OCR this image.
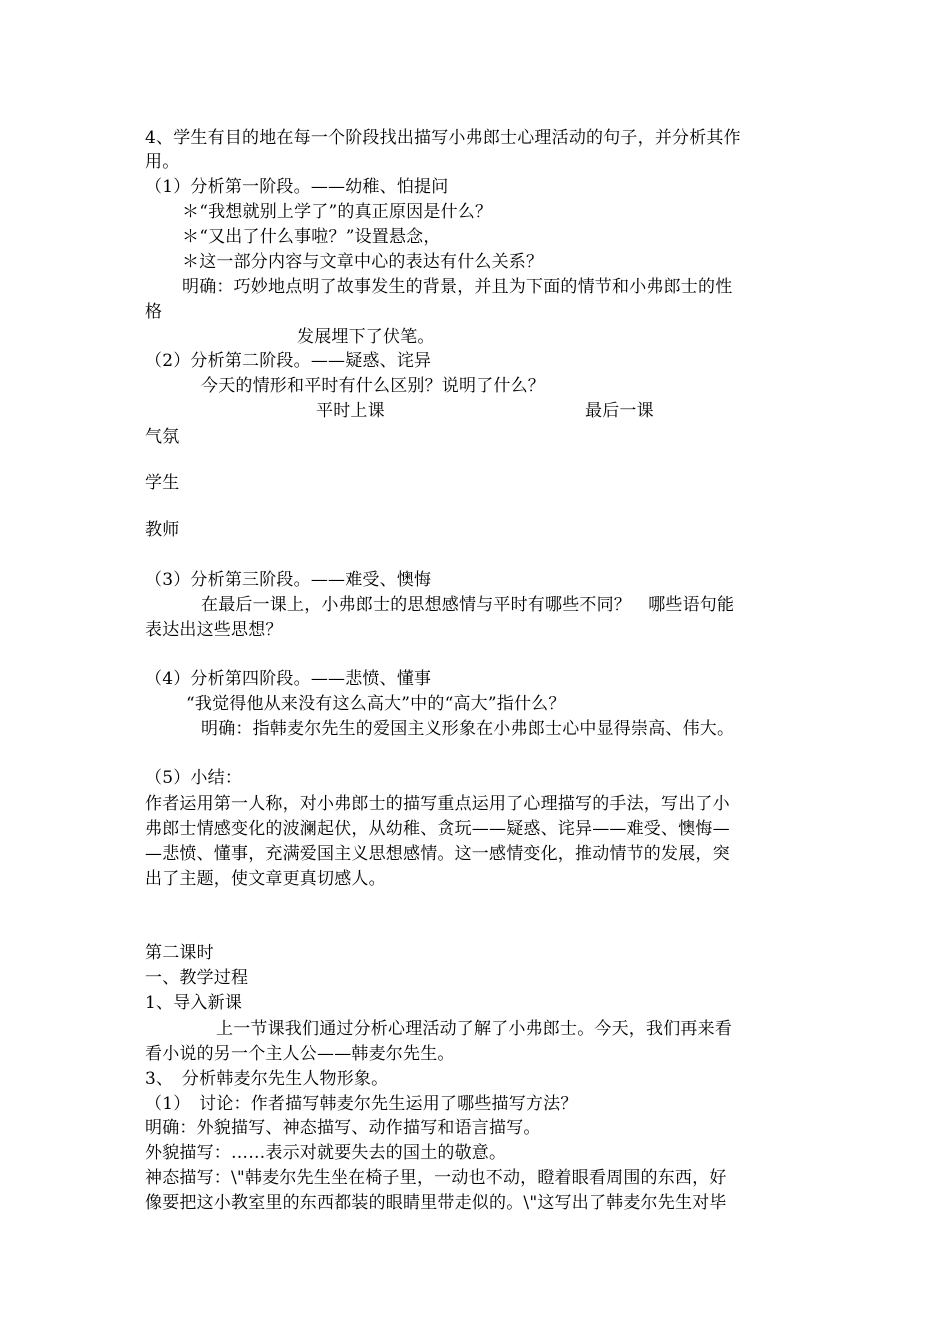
4、学生有目的地在每一个阶段找出描写小弗郎士心理活动的句子，并分析其作
用。
（1）分析第一阶段。——幼稚、怕提问
＊“我想就别上学了”的真正原因是什么？
＊“又出了什么事啦？”设置悬念，
＊这一部分内容与文章中心的表达有什么关系？
明确：巧妙地点明了故事发生的背景，并且为下面的情节和小弗郎士的性
格
发展埋下了伏笔。
（2）分析第二阶段。——疑惑、诧异
今天的情形和平时有什么区别？说明了什么？
平时上课	最后一课
气氛
学生
教师
（3）分析第三阶段。——难受、懊悔
在最后一课上，小弗郎士的思想感情与平时有哪些不同？　哪些语句能
表达出这些思想？
（4）分析第四阶段。——悲愤、懂事
“我觉得他从来没有这么高大”中的“高大”指什么？
明确：指韩麦尔先生的爱国主义形象在小弗郎士心中显得崇高、伟大。
（5）小结：
作者运用第一人称，对小弗郎士的描写重点运用了心理描写的手法，写出了小
弗郎士情感变化的波澜起伏，从幼稚、贪玩——疑惑、诧异——难受、懊悔—
—悲愤、懂事，充满爱国主义思想感情。这一感情变化，推动情节的发展，突
出了主题，使文章更真切感人。
第二课时
一、教学过程
1、导入新课
上一节课我们通过分析心理活动了解了小弗郎士。今天，我们再来看
看小说的另一个主人公——韩麦尔先生。
3、　分析韩麦尔先生人物形象。
（1）　讨论：作者描写韩麦尔先生运用了哪些描写方法？
明确：外貌描写、神态描写、动作描写和语言描写。
外貌描写：……表示对就要失去的国土的敬意。
神态描写：\"韩麦尔先生坐在椅子里，一动也不动，瞪着眼看周围的东西，好
像要把这小教室里的东西都装的眼睛里带走似的。\"这写出了韩麦尔先生对毕
